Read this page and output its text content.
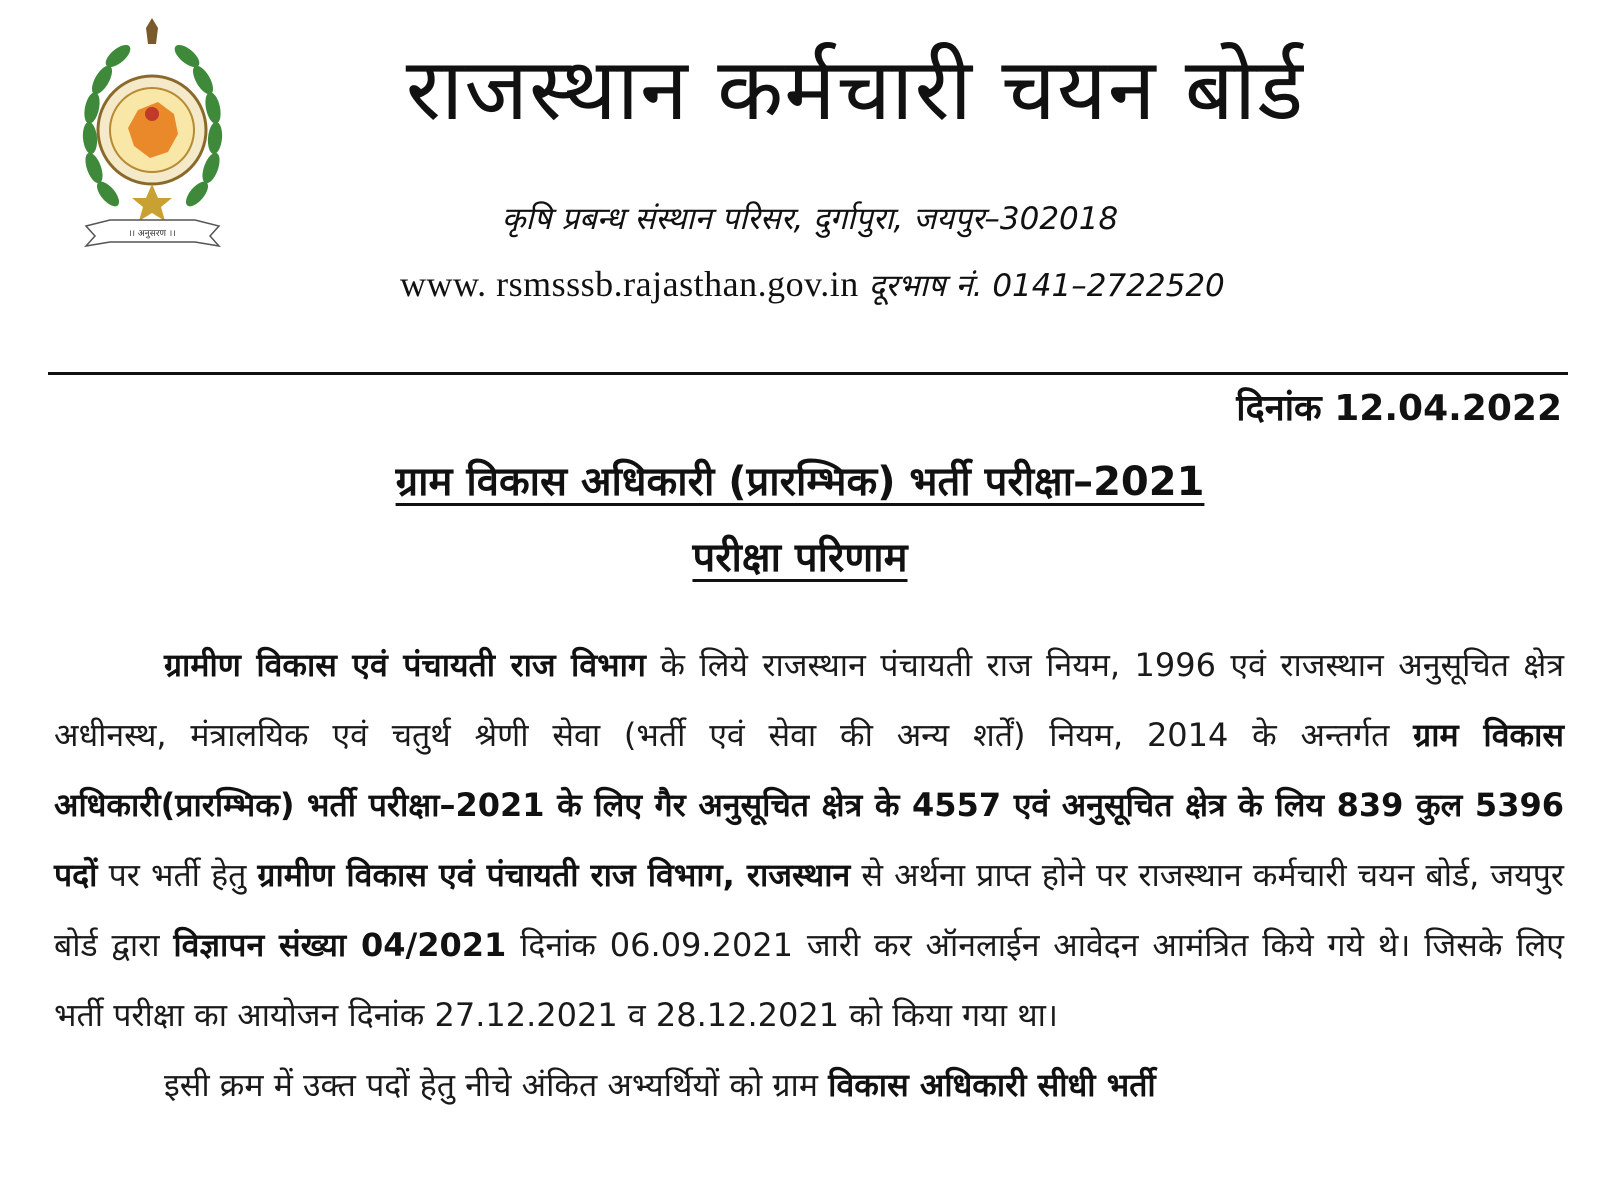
।। अनुसरण ।।
राजस्थान कर्मचारी चयन बोर्ड
कृषि प्रबन्ध संस्थान परिसर, दुर्गापुरा, जयपुर–302018
www. rsmsssb.rajasthan.gov.in दूरभाष नं. 0141–2722520
दिनांक 12.04.2022
ग्राम विकास अधिकारी (प्रारम्भिक) भर्ती परीक्षा–2021
परीक्षा परिणाम

ग्रामीण विकास एवं पंचायती राज विभाग के लिये राजस्थान पंचायती राज नियम, 1996 एवं राजस्थान अनुसूचित क्षेत्र अधीनस्थ, मंत्रालयिक एवं चतुर्थ श्रेणी सेवा (भर्ती एवं सेवा की अन्य शर्तें) नियम, 2014 के अन्तर्गत ग्राम विकास अधिकारी(प्रारम्भिक) भर्ती परीक्षा–2021 के लिए गैर अनुसूचित क्षेत्र के 4557 एवं अनुसूचित क्षेत्र के लिय 839 कुल 5396 पदों पर भर्ती हेतु ग्रामीण विकास एवं पंचायती राज विभाग, राजस्थान से अर्थना प्राप्त होने पर राजस्थान कर्मचारी चयन बोर्ड, जयपुर बोर्ड द्वारा विज्ञापन संख्या 04/2021 दिनांक 06.09.2021 जारी कर ऑनलाईन आवेदन आमंत्रित किये गये थे। जिसके लिए भर्ती परीक्षा का आयोजन दिनांक 27.12.2021 व 28.12.2021 को किया गया था।

इसी क्रम में उक्त पदों हेतु नीचे अंकित अभ्यर्थियों को ग्राम विकास अधिकारी सीधी भर्ती
